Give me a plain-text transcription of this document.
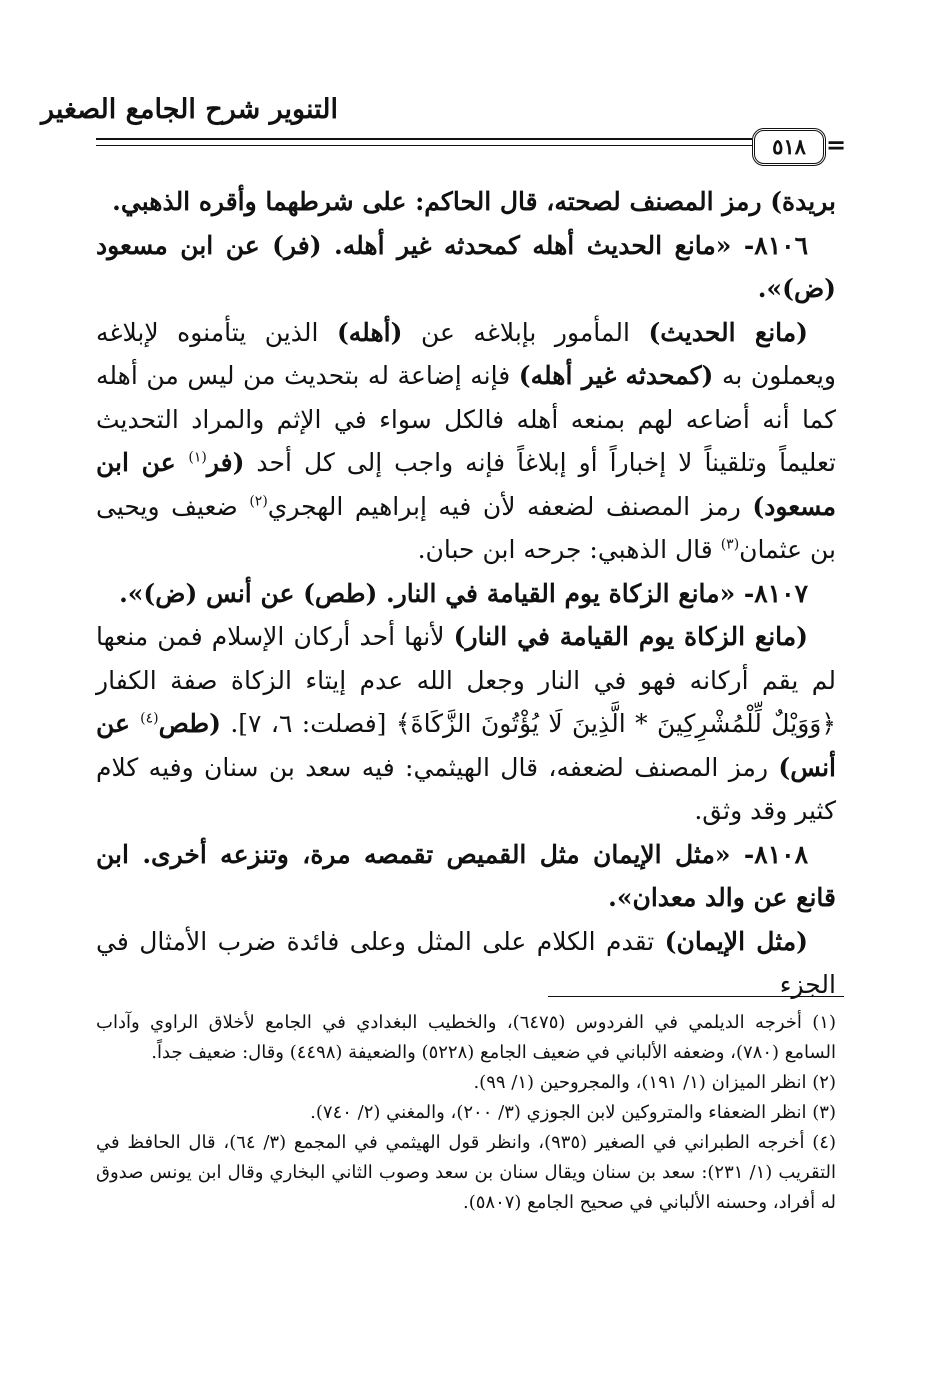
التنوير شرح الجامع الصغير
٥١٨ =

بريدة) رمز المصنف لصحته، قال الحاكم: على شرطهما وأقره الذهبي.

٨١٠٦- «مانع الحديث أهله كمحدثه غير أهله. (فر) عن ابن مسعود (ض)».

(مانع الحديث) المأمور بإبلاغه عن (أهله) الذين يتأمنوه لإبلاغه ويعملون به (كمحدثه غير أهله) فإنه إضاعة له بتحديث من ليس من أهله كما أنه أضاعه لهم بمنعه أهله فالكل سواء في الإثم والمراد التحديث تعليماً وتلقيناً لا إخباراً أو إبلاغاً فإنه واجب إلى كل أحد (فر$^{(١)}$ عن ابن مسعود) رمز المصنف لضعفه لأن فيه إبراهيم الهجري$^{(٢)}$ ضعيف ويحيى بن عثمان$^{(٣)}$ قال الذهبي: جرحه ابن حبان.

٨١٠٧- «مانع الزكاة يوم القيامة في النار. (طص) عن أنس (ض)».

(مانع الزكاة يوم القيامة في النار) لأنها أحد أركان الإسلام فمن منعها لم يقم أركانه فهو في النار وجعل الله عدم إيتاء الزكاة صفة الكفار ﴿وَوَيْلٌ لِّلْمُشْرِكِينَ * الَّذِينَ لَا يُؤْتُونَ الزَّكَاةَ﴾ [فصلت: ٦، ٧]. (طص$^{(٤)}$ عن أنس) رمز المصنف لضعفه، قال الهيثمي: فيه سعد بن سنان وفيه كلام كثير وقد وثق.

٨١٠٨- «مثل الإيمان مثل القميص تقمصه مرة، وتنزعه أخرى. ابن قانع عن والد معدان».

(مثل الإيمان) تقدم الكلام على المثل وعلى فائدة ضرب الأمثال في الجزء

(١) أخرجه الديلمي في الفردوس (٦٤٧٥)، والخطيب البغدادي في الجامع لأخلاق الراوي وآداب السامع (٧٨٠)، وضعفه الألباني في ضعيف الجامع (٥٢٢٨) والضعيفة (٤٤٩٨) وقال: ضعيف جداً.

(٢) انظر الميزان (١/ ١٩١)، والمجروحين (١/ ٩٩).

(٣) انظر الضعفاء والمتروكين لابن الجوزي (٣/ ٢٠٠)، والمغني (٢/ ٧٤٠).

(٤) أخرجه الطبراني في الصغير (٩٣٥)، وانظر قول الهيثمي في المجمع (٣/ ٦٤)، قال الحافظ في التقريب (١/ ٢٣١): سعد بن سنان ويقال سنان بن سعد وصوب الثاني البخاري وقال ابن يونس صدوق له أفراد، وحسنه الألباني في صحيح الجامع (٥٨٠٧).
